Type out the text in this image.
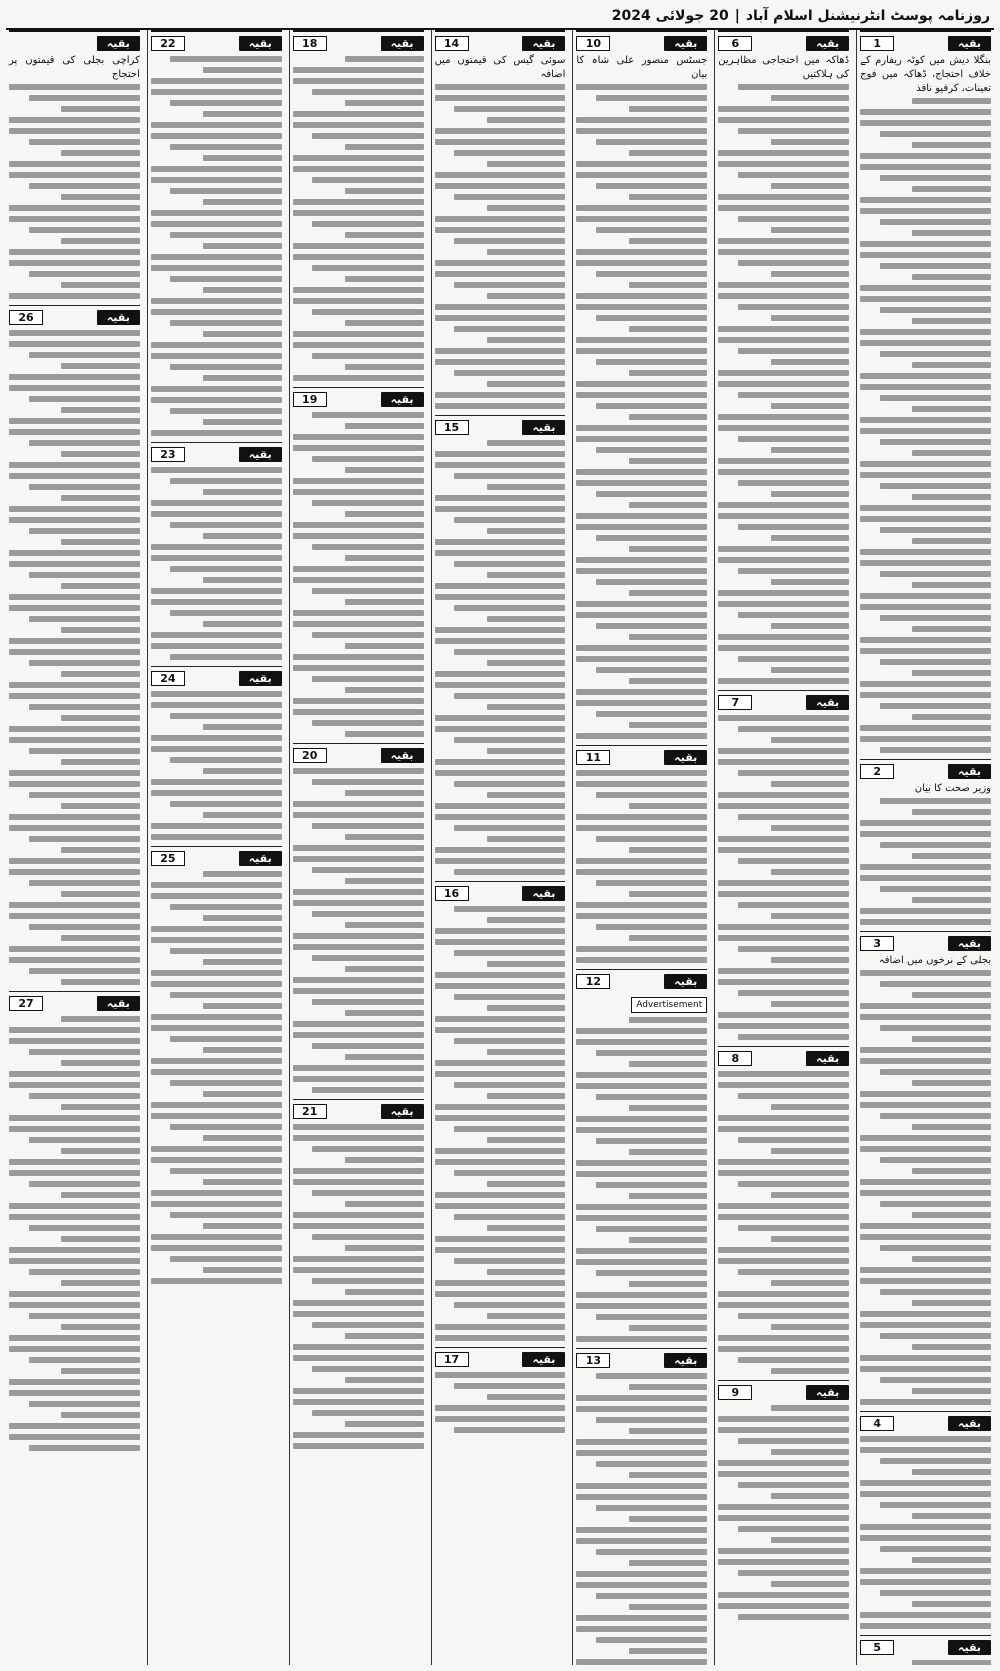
روزنامہ پوسٹ انٹرنیشنل اسلام آباد
|
20 جولائی 2024
بقیہ
1
بنگلا دیش میں کوٹہ ریفارم کے خلاف احتجاج، ڈھاکہ میں فوج تعینات، کرفیو نافذ
بقیہ
2
وزیر صحت کا بیان
بقیہ
3
بجلی کے نرخوں میں اضافہ
بقیہ
4
بقیہ
5
بقیہ
6
ڈھاکہ میں احتجاجی مظاہرین کی ہلاکتیں
بقیہ
7
بقیہ
8
بقیہ
9
بقیہ
10
جسٹس منصور علی شاہ کا بیان
بقیہ
11
بقیہ
12
Advertisement
بقیہ
13
بقیہ
14
سوئی گیس کی قیمتوں میں اضافہ
بقیہ
15
بقیہ
16
بقیہ
17
بقیہ
18
بقیہ
19
بقیہ
20
بقیہ
21
بقیہ
22
بقیہ
23
بقیہ
24
بقیہ
25
بقیہ
کراچی بجلی کی قیمتوں پر احتجاج
بقیہ
26
بقیہ
27
